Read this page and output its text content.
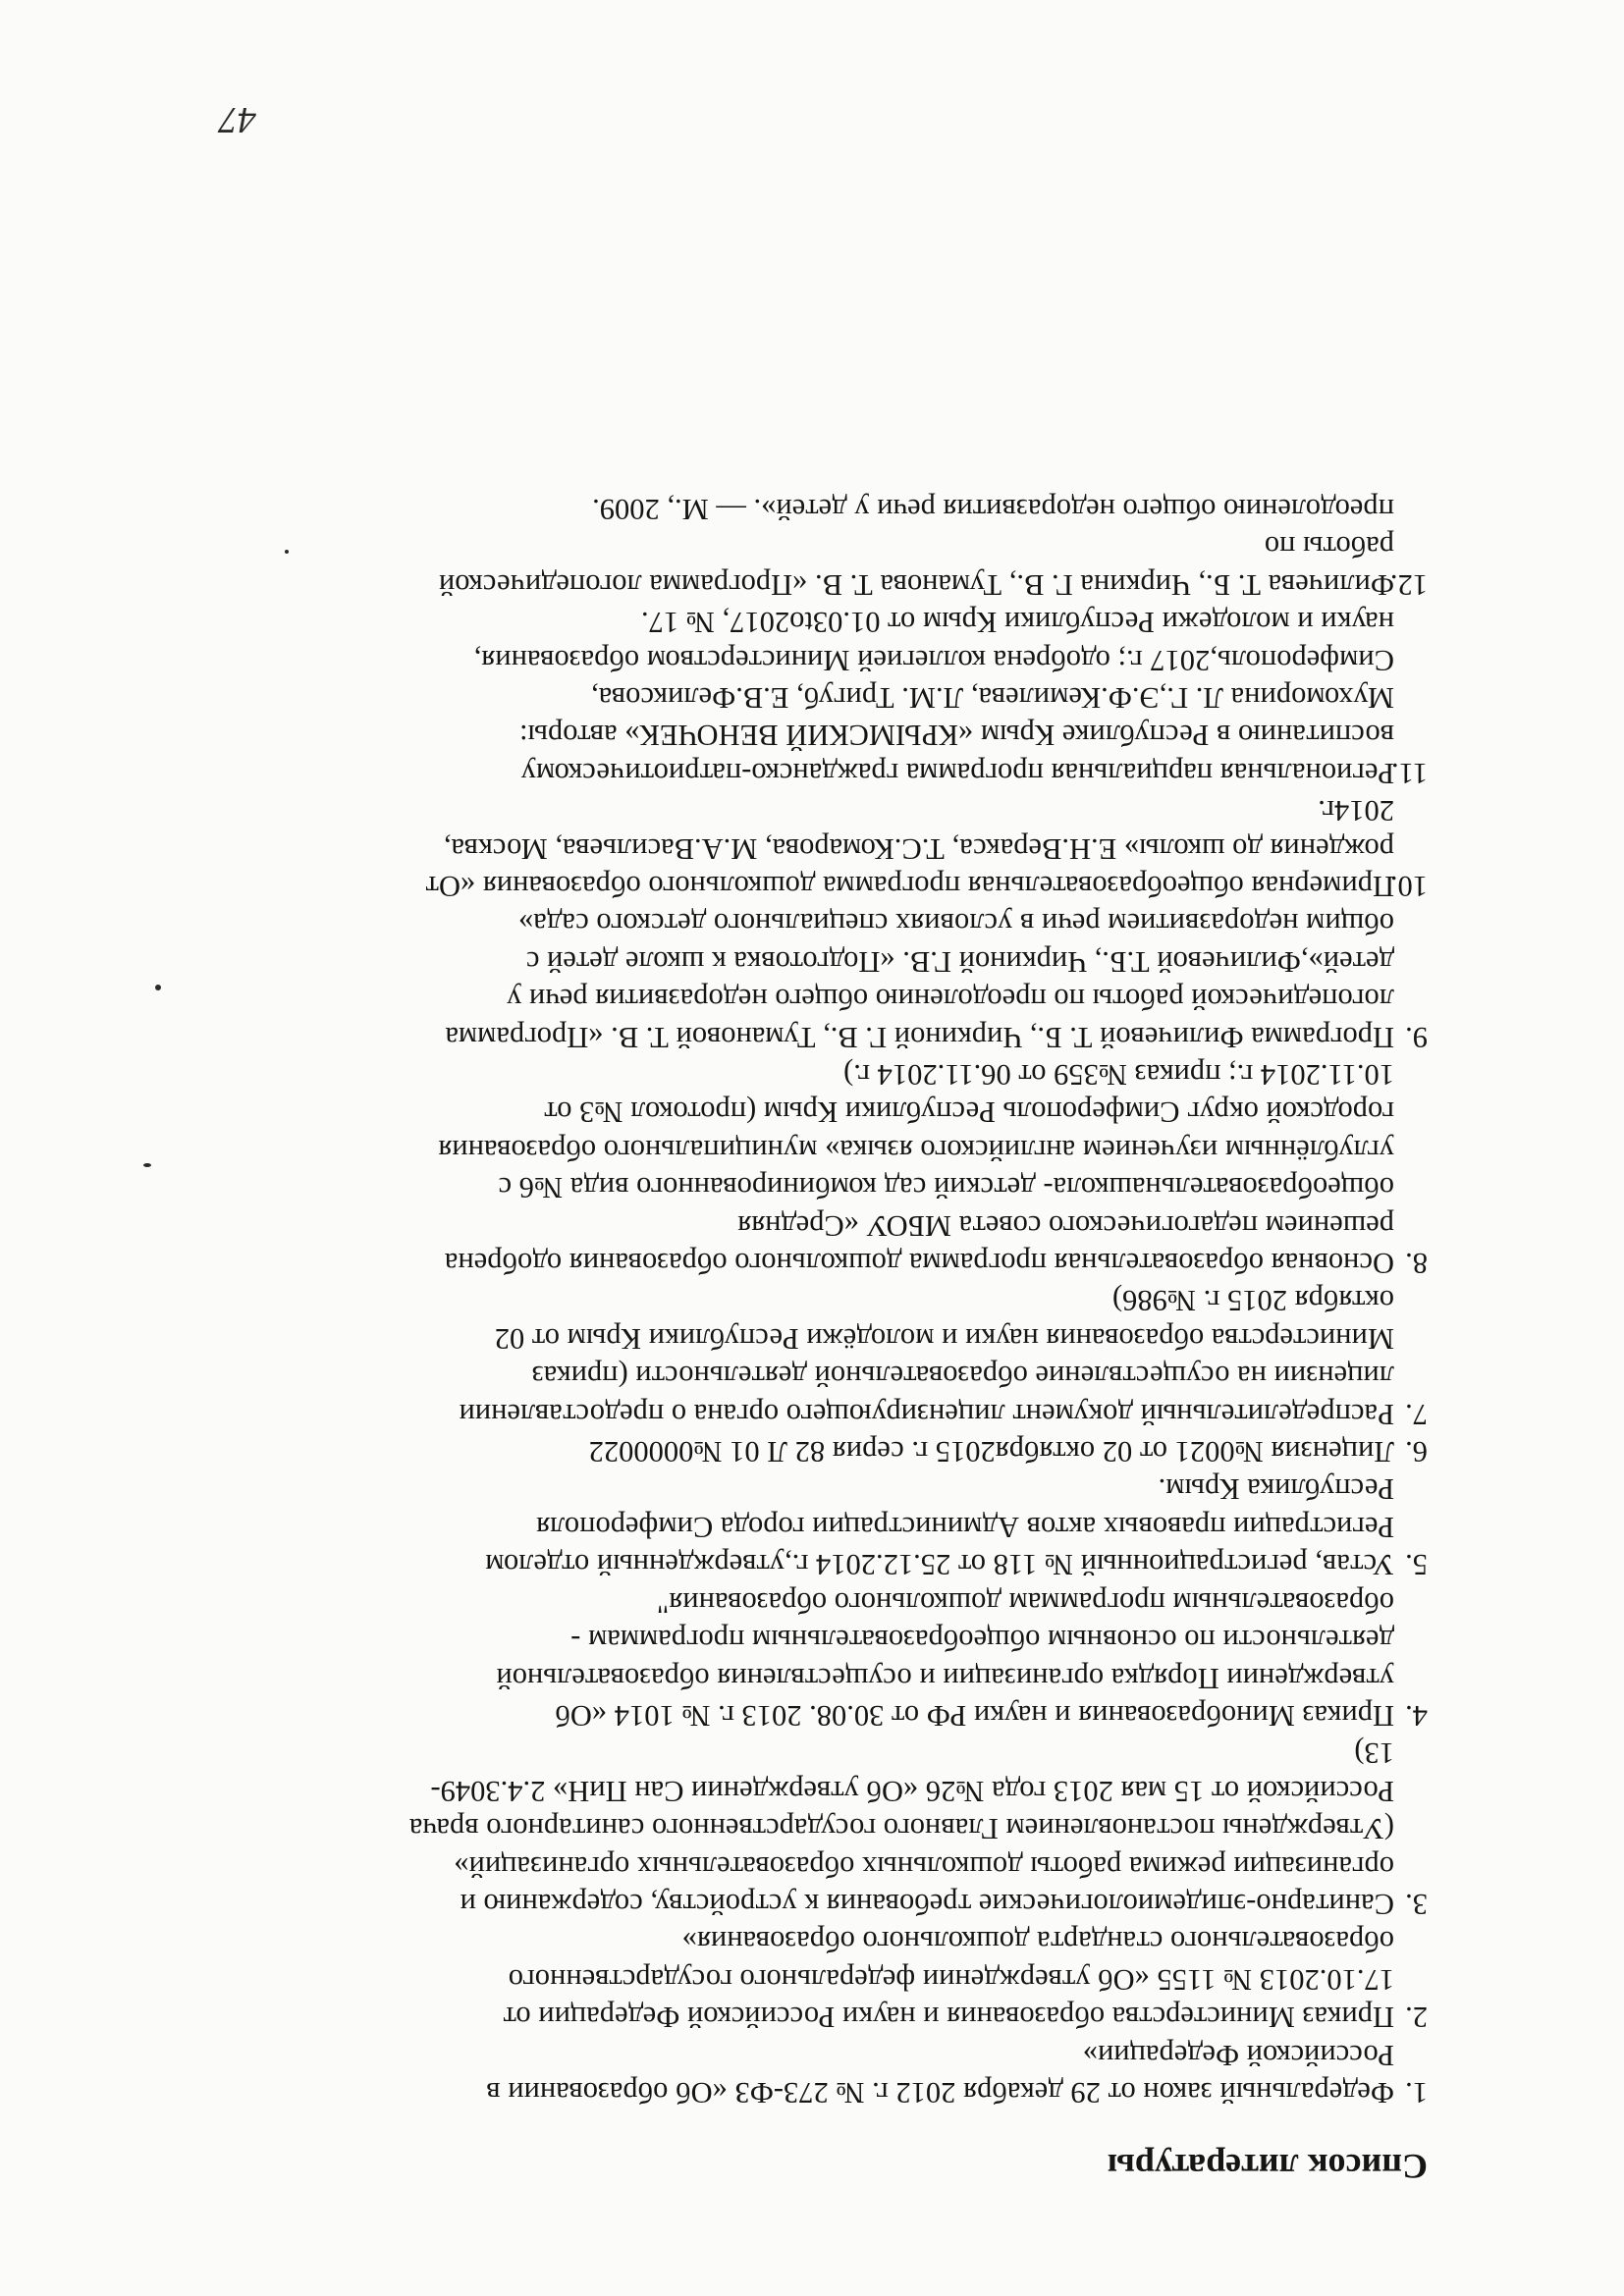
Список литературы
1.
Федеральный закон от 29 декабря 2012 г. № 273-ФЗ «Об образовании в
Российской Федерации»
2.
Приказ Министерства образования и науки Российской Федерации от
17.10.2013 № 1155 «Об утверждении федерального государственного
образовательного стандарта дошкольного образования»
3.
Санитарно-эпидемиологические требования к устройству, содержанию и
организации режима работы дошкольных образовательных организаций»
(Утверждены постановлением Главного государственного санитарного врача
Российской от 15 мая 2013 года №26 «Об утверждении Сан ПиН» 2.4.3049-
13)
4.
Приказ Минобразования и науки РФ от 30.08. 2013 г. № 1014 «Об
утверждении Порядка организации и осуществления образовательной
деятельности по основным общеобразовательным программам -
образовательным программам дошкольного образования"
5.
Устав, регистрационный № 118 от 25.12.2014 г.,утвержденный отделом
Регистрации правовых актов Администрации города Симферополя
Республика Крым.
6.
Лицензия №0021 от 02 октября2015 г. серия 82 Л 01 №0000022
7.
Распределительный документ лицензирующего органа о предоставлении
лицензии на осуществление образовательной деятельности (приказ
Министерства образования науки и молодёжи Республики Крым от 02
октября 2015 г. №986)
8.
Основная образовательная программа дошкольного образования одобрена
решением педагогического совета МБОУ «Средняя
общеобразовательнашкола- детский сад комбинированного вида №6 с
углублённым изучением английского языка» муниципального образования
городской округ Симферополь Республики Крым (протокол №3 от
10.11.2014 г.; приказ №359 от 06.11.2014 г.)
9.
Программа Филичевой Т. Б., Чиркиной Г. В., Тумановой Т. В. «Программа
логопедической работы по преодолению общего недоразвития речи у
детей»,Филичевой Т.Б., Чиркиной Г.В. «Подготовка к школе детей с
общим недоразвитием речи в условиях специального детского сада»
10.
Примерная общеобразовательная программа дошкольного образования «От
рождения до школы» Е.Н.Веракса, Т.С.Комарова, М.А.Васильева, Москва,
2014г.
11.
Региональная парциальная программа гражданско-патриотическому
воспитанию в Республике Крым «КРЫМСКИЙ ВЕНОЧЕК» авторы:
Мухоморина Л. Г.,Э.Ф.Кемилева, Л.М. Тригуб, Е.В.Феликсова,
Симферополь,2017 г.; одобрена коллегией Министерством образования,
науки и молодежи Республики Крым от 01.03to2017, № 17.
12.
Филичева Т. Б., Чиркина Г. В., Туманова Т. В. «Программа логопедической
работы по
преодолению общего недоразвития речи у детей». — М., 2009.
47
